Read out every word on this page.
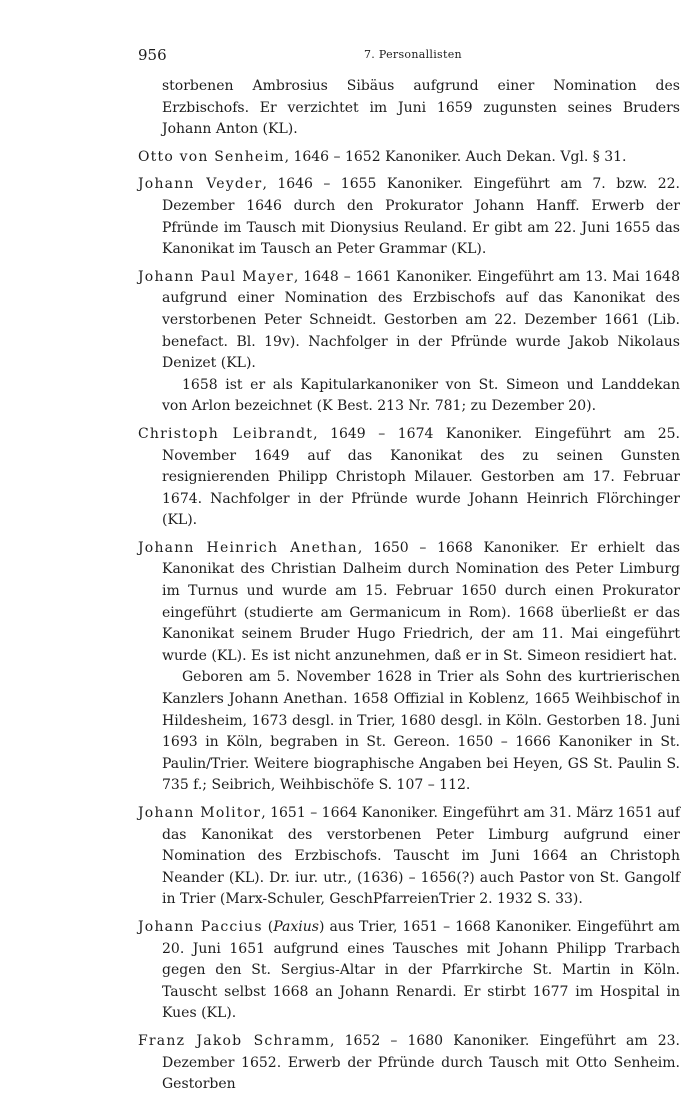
956	7. Personallisten

storbenen Ambrosius Sibäus aufgrund einer Nomination des Erzbischofs. Er verzichtet im Juni 1659 zugunsten seines Bruders Johann Anton (KL).

Otto von Senheim, 1646 – 1652 Kanoniker. Auch Dekan. Vgl. § 31.

Johann Veyder, 1646 – 1655 Kanoniker. Eingeführt am 7. bzw. 22. Dezember 1646 durch den Prokurator Johann Hanff. Erwerb der Pfründe im Tausch mit Dionysius Reuland. Er gibt am 22. Juni 1655 das Kanonikat im Tausch an Peter Grammar (KL).

Johann Paul Mayer, 1648 – 1661 Kanoniker. Eingeführt am 13. Mai 1648 aufgrund einer Nomination des Erzbischofs auf das Kanonikat des verstorbenen Peter Schneidt. Gestorben am 22. Dezember 1661 (Lib. benefact. Bl. 19v). Nachfolger in der Pfründe wurde Jakob Nikolaus Denizet (KL).

1658 ist er als Kapitularkanoniker von St. Simeon und Landdekan von Arlon bezeichnet (K Best. 213 Nr. 781; zu Dezember 20).

Christoph Leibrandt, 1649 – 1674 Kanoniker. Eingeführt am 25. November 1649 auf das Kanonikat des zu seinen Gunsten resignierenden Philipp Christoph Milauer. Gestorben am 17. Februar 1674. Nachfolger in der Pfründe wurde Johann Heinrich Flörchinger (KL).

Johann Heinrich Anethan, 1650 – 1668 Kanoniker. Er erhielt das Kanonikat des Christian Dalheim durch Nomination des Peter Limburg im Turnus und wurde am 15. Februar 1650 durch einen Prokurator eingeführt (studierte am Germanicum in Rom). 1668 überließt er das Kanonikat seinem Bruder Hugo Friedrich, der am 11. Mai eingeführt wurde (KL). Es ist nicht anzunehmen, daß er in St. Simeon residiert hat.

Geboren am 5. November 1628 in Trier als Sohn des kurtrierischen Kanzlers Johann Anethan. 1658 Offizial in Koblenz, 1665 Weihbischof in Hildesheim, 1673 desgl. in Trier, 1680 desgl. in Köln. Gestorben 18. Juni 1693 in Köln, begraben in St. Gereon. 1650 – 1666 Kanoniker in St. Paulin/Trier. Weitere biographische Angaben bei Heyen, GS St. Paulin S. 735 f.; Seibrich, Weihbischöfe S. 107 – 112.

Johann Molitor, 1651 – 1664 Kanoniker. Eingeführt am 31. März 1651 auf das Kanonikat des verstorbenen Peter Limburg aufgrund einer Nomination des Erzbischofs. Tauscht im Juni 1664 an Christoph Neander (KL). Dr. iur. utr., (1636) – 1656(?) auch Pastor von St. Gangolf in Trier (Marx-Schuler, GeschPfarreienTrier 2. 1932 S. 33).

Johann Paccius (Paxius) aus Trier, 1651 – 1668 Kanoniker. Eingeführt am 20. Juni 1651 aufgrund eines Tausches mit Johann Philipp Trarbach gegen den St. Sergius-Altar in der Pfarrkirche St. Martin in Köln. Tauscht selbst 1668 an Johann Renardi. Er stirbt 1677 im Hospital in Kues (KL).

Franz Jakob Schramm, 1652 – 1680 Kanoniker. Eingeführt am 23. Dezember 1652. Erwerb der Pfründe durch Tausch mit Otto Senheim. Gestorben
